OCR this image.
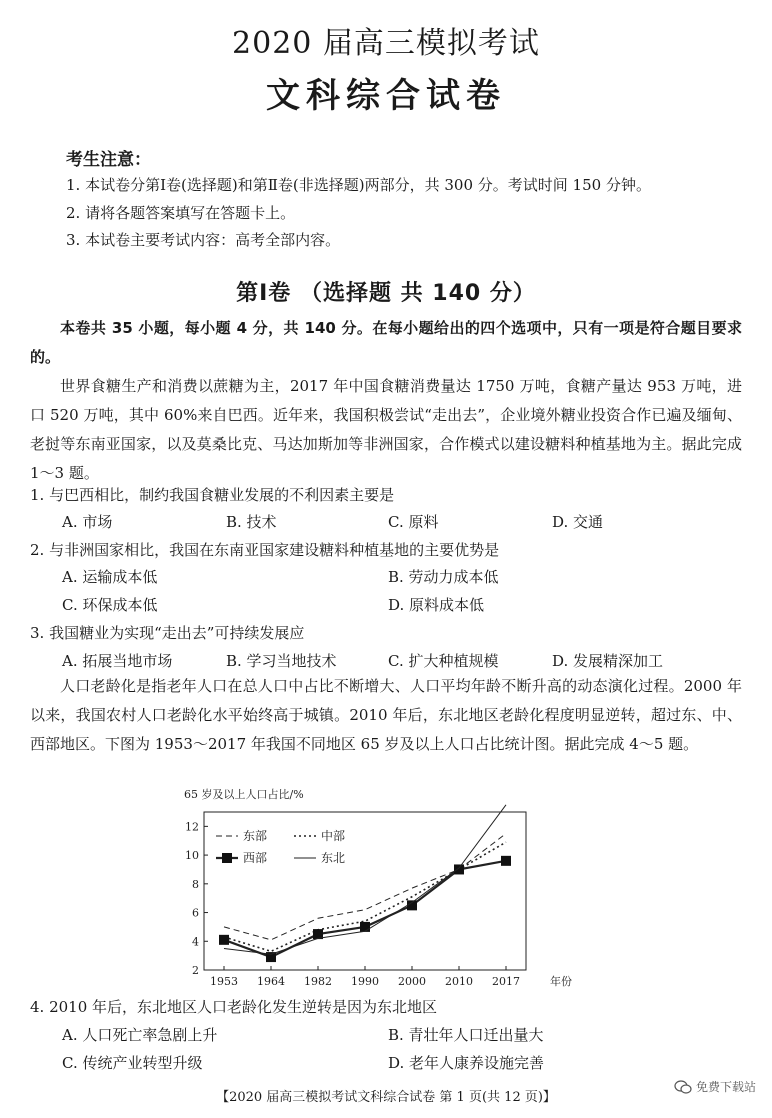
2020 届高三模拟考试
文科综合试卷
考生注意：
1. 本试卷分第Ⅰ卷(选择题)和第Ⅱ卷(非选择题)两部分，共 300 分。考试时间 150 分钟。
2. 请将各题答案填写在答题卡上。
3. 本试卷主要考试内容：高考全部内容。
第Ⅰ卷 （选择题 共 140 分）
本卷共 35 小题，每小题 4 分，共 140 分。在每小题给出的四个选项中，只有一项是符合题目要求的。
世界食糖生产和消费以蔗糖为主，2017 年中国食糖消费量达 1750 万吨，食糖产量达 953 万吨，进口 520 万吨，其中 60%来自巴西。近年来，我国积极尝试“走出去”，企业境外糖业投资合作已遍及缅甸、老挝等东南亚国家，以及莫桑比克、马达加斯加等非洲国家，合作模式以建设糖料种植基地为主。据此完成 1～3 题。
1. 与巴西相比，制约我国食糖业发展的不利因素主要是
A. 市场	B. 技术	C. 原料	D. 交通
2. 与非洲国家相比，我国在东南亚国家建设糖料种植基地的主要优势是
A. 运输成本低	B. 劳动力成本低
C. 环保成本低	D. 原料成本低
3. 我国糖业为实现“走出去”可持续发展应
A. 拓展当地市场	B. 学习当地技术	C. 扩大种植规模	D. 发展精深加工
人口老龄化是指老年人口在总人口中占比不断增大、人口平均年龄不断升高的动态演化过程。2000 年以来，我国农村人口老龄化水平始终高于城镇。2010 年后，东北地区老龄化程度明显逆转，超过东、中、西部地区。下图为 1953～2017 年我国不同地区 65 岁及以上人口占比统计图。据此完成 4～5 题。
65 岁及以上人口占比/%
2
4
6
8
10
12
1953 1964 1982 1990 2000 2010 2017	年份
东部	中部
西部	东北
4. 2010 年后，东北地区人口老龄化发生逆转是因为东北地区
A. 人口死亡率急剧上升	B. 青壮年人口迁出量大
C. 传统产业转型升级	D. 老年人康养设施完善
【2020 届高三模拟考试文科综合试卷 第 1 页(共 12 页)】
免费下载站
